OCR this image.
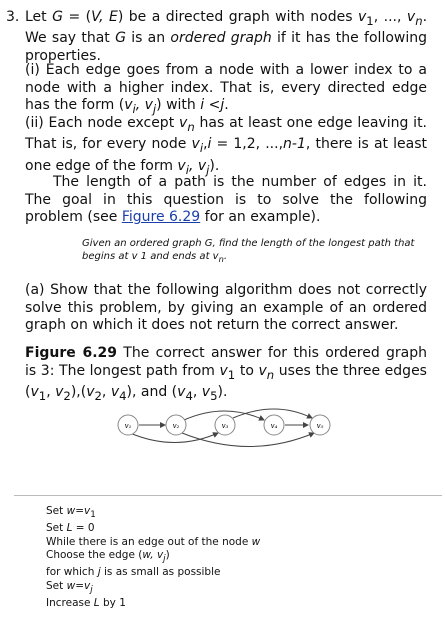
3. Let G = (V, E) be a directed graph with nodes $v_1$, ..., $v_n$. We say that G is an ordered graph if it has the following properties.
(i) Each edge goes from a node with a lower index to a node with a higher index. That is, every directed edge has the form ($v_i$, $v_j$) with i <j.
(ii) Each node except $v_n$ has at least one edge leaving it. That is, for every node $v_i,i = 1,2$, ...,n-1, there is at least one edge of the form $v_i$, $v_j$).
The length of a path is the number of edges in it. The goal in this question is to solve the following problem (see Figure 6.29 for an example).
Given an ordered graph G, find the length of the longest path that begins at v 1 and ends at $v_n$.
(a) Show that the following algorithm does not correctly solve this problem, by giving an example of an ordered graph on which it does not return the correct answer.
Figure 6.29 The correct answer for this ordered graph is 3: The longest path from $v_1$ to $v_n$ uses the three edges ($v_1$, $v_2),(v_2$, $v_4$), and ($v_4$, $v_5$).
v₁	v₂	v₃	v₄	v₅
Set $w=v_1$
Set L = 0
While there is an edge out of the node w
Choose the edge (w, $v_j$)
for which j is as small as possible
Set $w=v_j$
Increase L by 1
